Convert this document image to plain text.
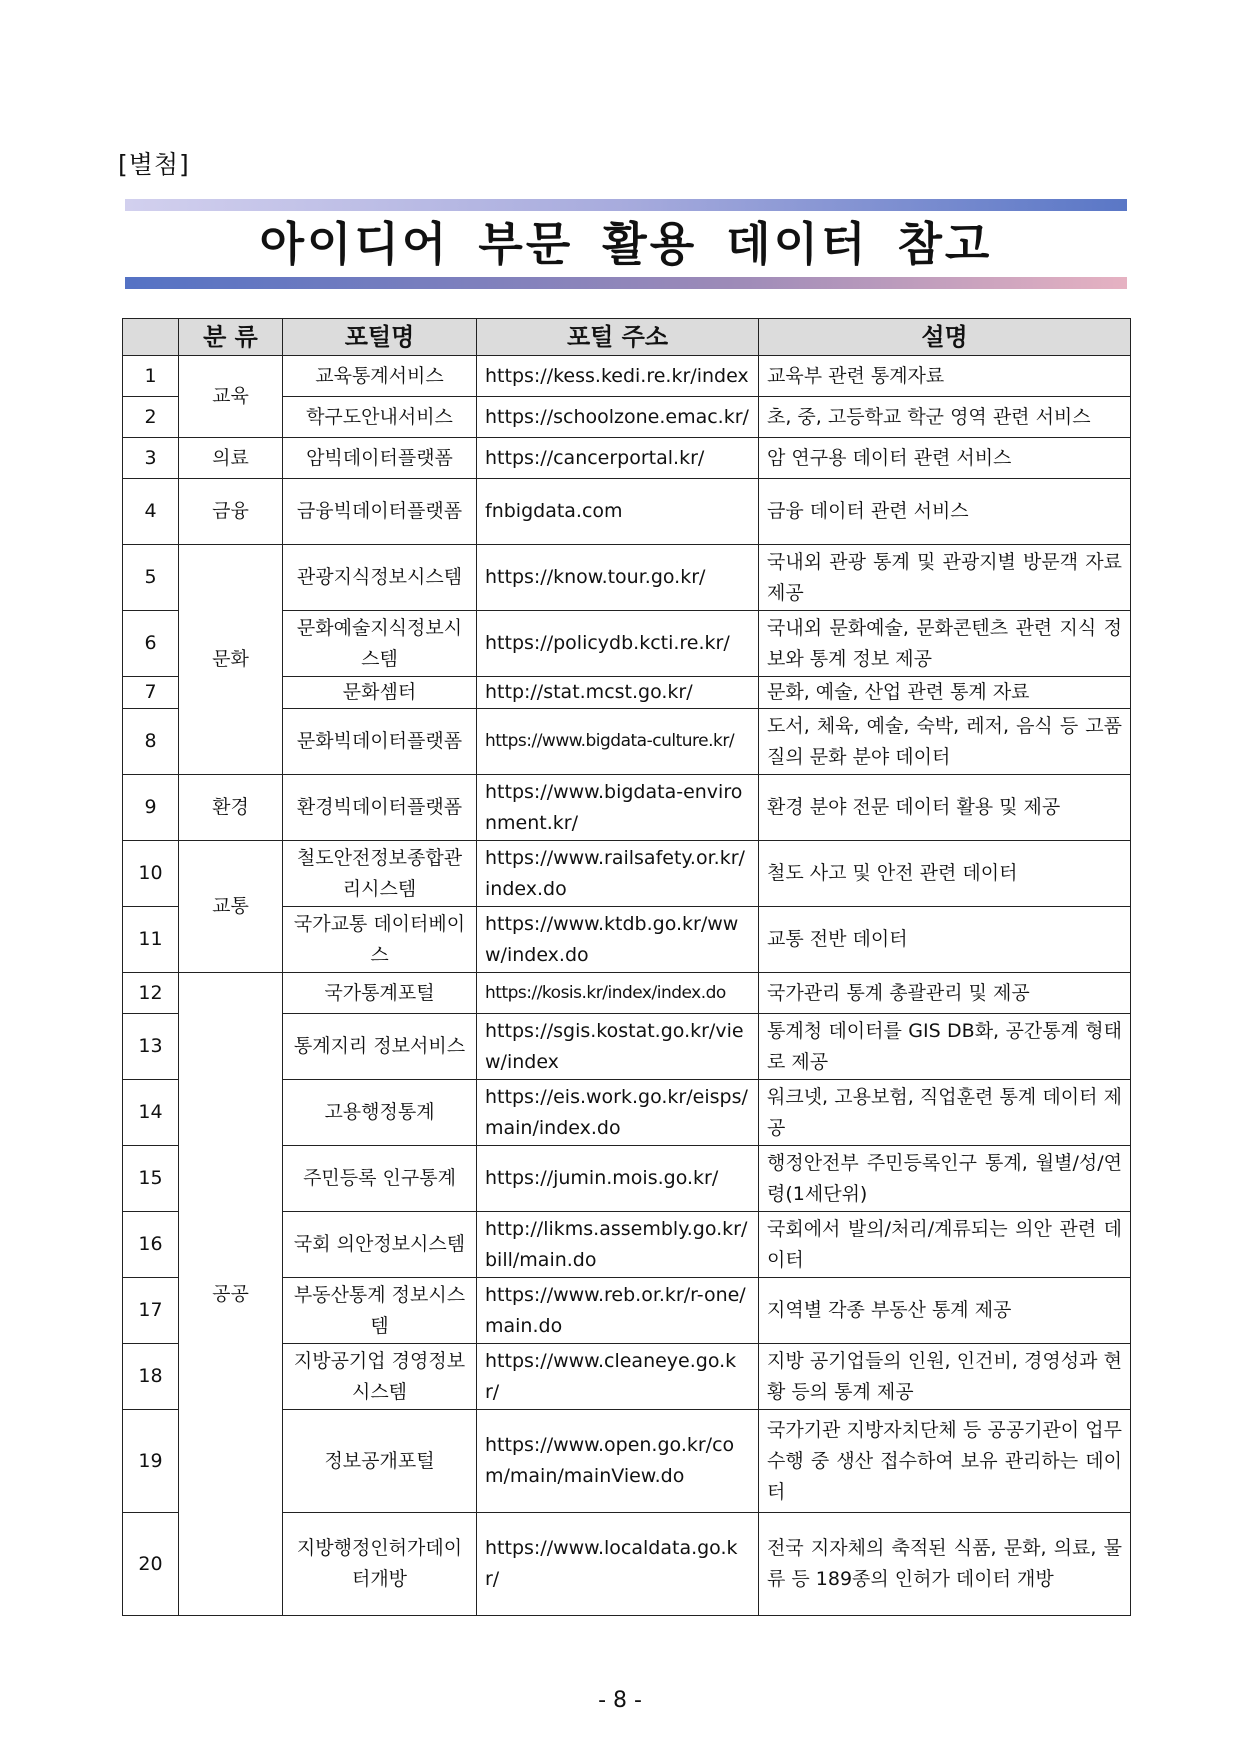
[별첨]
아이디어 부문 활용 데이터 참고
	분 류	포털명	포털 주소	설명
1	교육	교육통계서비스	https://kess.kedi.re.kr/index	교육부 관련 통계자료
2		학구도안내서비스	https://schoolzone.emac.kr/	초, 중, 고등학교 학군 영역 관련 서비스
3	의료	암빅데이터플랫폼	https://cancerportal.kr/	암 연구용 데이터 관련 서비스
4	금융	금융빅데이터플랫폼	fnbigdata.com	금융 데이터 관련 서비스
5	문화	관광지식정보시스템	https://know.tour.go.kr/	국내외 관광 통계 및 관광지별 방문객 자료 제공
6		문화예술지식정보시스템	https://policydb.kcti.re.kr/	국내외 문화예술, 문화콘텐츠 관련 지식 정보와 통계 정보 제공
7		문화셈터	http://stat.mcst.go.kr/	문화, 예술, 산업 관련 통계 자료
8		문화빅데이터플랫폼	https://www.bigdata-culture.kr/	도서, 체육, 예술, 숙박, 레저, 음식 등 고품질의 문화 분야 데이터
9	환경	환경빅데이터플랫폼	https://www.bigdata-environment.kr/	환경 분야 전문 데이터 활용 및 제공
10	교통	철도안전정보종합관리시스템	https://www.railsafety.or.kr/index.do	철도 사고 및 안전 관련 데이터
11		국가교통 데이터베이스	https://www.ktdb.go.kr/www/index.do	교통 전반 데이터
12	공공	국가통계포털	https://kosis.kr/index/index.do	국가관리 통계 총괄관리 및 제공
13		통계지리 정보서비스	https://sgis.kostat.go.kr/view/index	통계청 데이터를 GIS DB화, 공간통계 형태로 제공
14		고용행정통계	https://eis.work.go.kr/eisps/main/index.do	워크넷, 고용보험, 직업훈련 통계 데이터 제공
15		주민등록 인구통계	https://jumin.mois.go.kr/	행정안전부 주민등록인구 통계, 월별/성/연령(1세단위)
16		국회 의안정보시스템	http://likms.assembly.go.kr/bill/main.do	국회에서 발의/처리/계류되는 의안 관련 데이터
17		부동산통계 정보시스템	https://www.reb.or.kr/r-one/main.do	지역별 각종 부동산 통계 제공
18		지방공기업 경영정보시스템	https://www.cleaneye.go.kr/	지방 공기업들의 인원, 인건비, 경영성과 현황 등의 통계 제공
19		정보공개포털	https://www.open.go.kr/com/main/mainView.do	국가기관 지방자치단체 등 공공기관이 업무 수행 중 생산 접수하여 보유 관리하는 데이터
20		지방행정인허가데이터개방	https://www.localdata.go.kr/	전국 지자체의 축적된 식품, 문화, 의료, 물류 등 189종의 인허가 데이터 개방
- 8 -
